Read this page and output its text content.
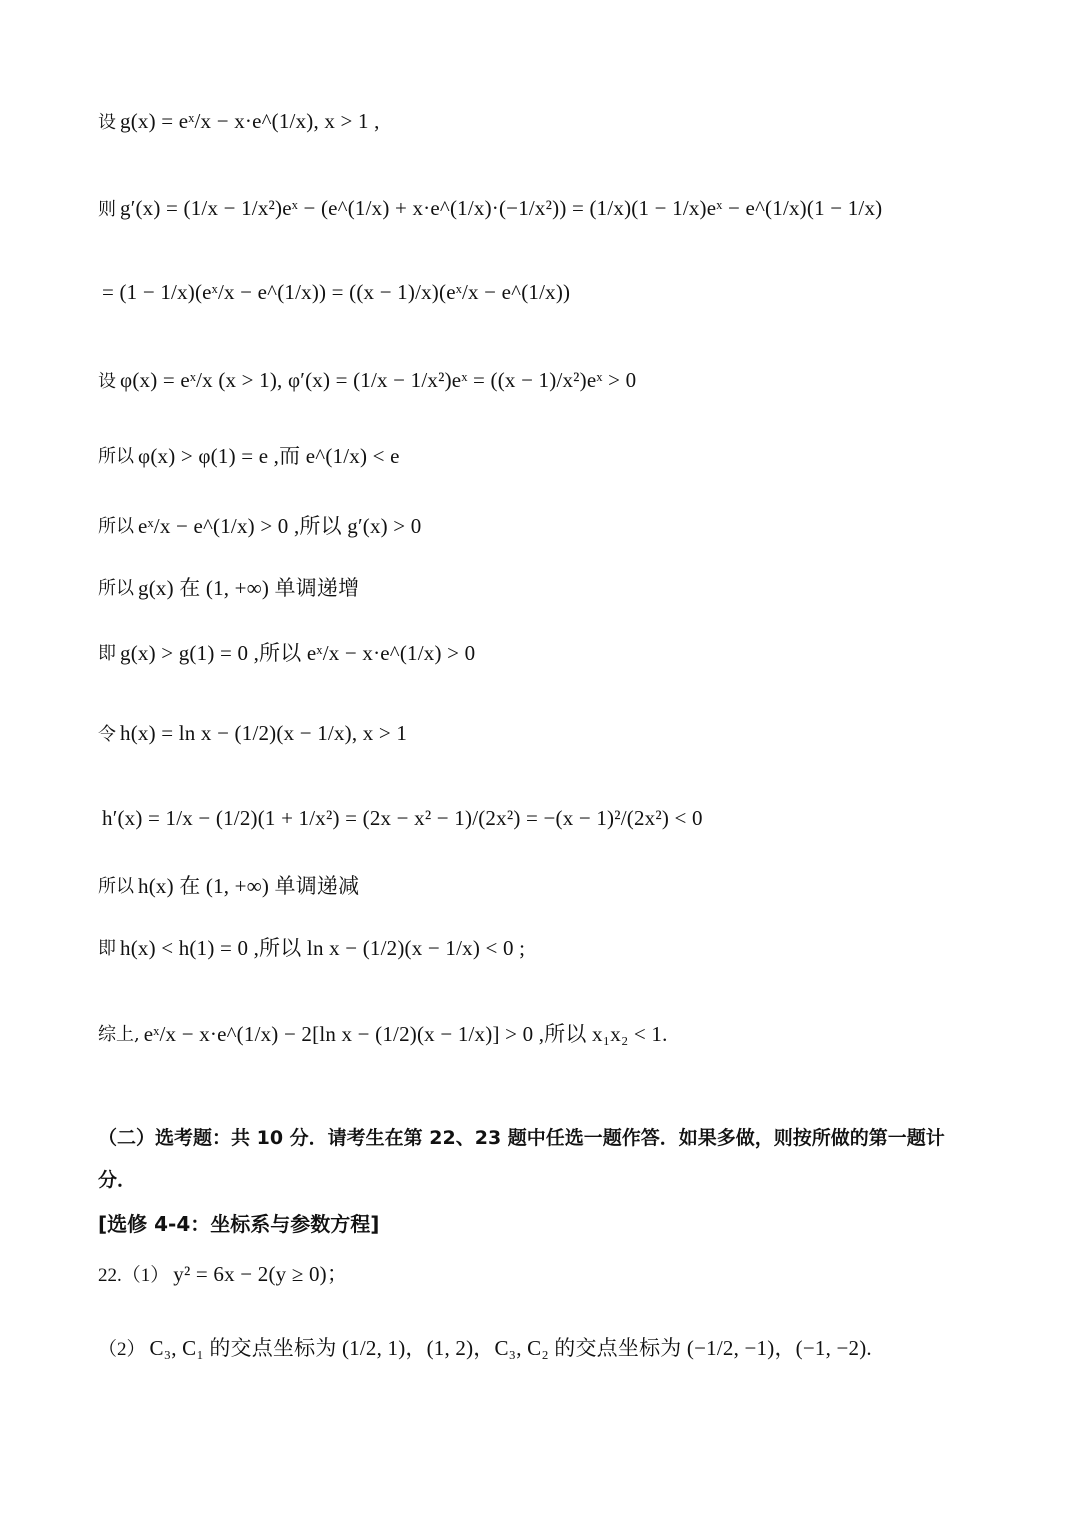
设 g(x) = eˣ/x − x·e^(1/x), x > 1 ,
则 g′(x) = (1/x − 1/x²)eˣ − (e^(1/x) + x·e^(1/x)·(−1/x²)) = (1/x)(1 − 1/x)eˣ − e^(1/x)(1 − 1/x)
= (1 − 1/x)(eˣ/x − e^(1/x)) = ((x − 1)/x)(eˣ/x − e^(1/x))
设 φ(x) = eˣ/x (x > 1), φ′(x) = (1/x − 1/x²)eˣ = ((x − 1)/x²)eˣ > 0
所以 φ(x) > φ(1) = e ,而 e^(1/x) < e
所以 eˣ/x − e^(1/x) > 0 ,所以 g′(x) > 0
所以 g(x) 在 (1, +∞) 单调递增
即 g(x) > g(1) = 0 ,所以 eˣ/x − x·e^(1/x) > 0
令 h(x) = ln x − (1/2)(x − 1/x), x > 1
h′(x) = 1/x − (1/2)(1 + 1/x²) = (2x − x² − 1)/(2x²) = −(x − 1)²/(2x²) < 0
所以 h(x) 在 (1, +∞) 单调递减
即 h(x) < h(1) = 0 ,所以 ln x − (1/2)(x − 1/x) < 0 ;
综上, eˣ/x − x·e^(1/x) − 2[ln x − (1/2)(x − 1/x)] > 0 ,所以 x₁x₂ < 1.
（二）选考题：共 10 分．请考生在第 22、23 题中任选一题作答．如果多做，则按所做的第一题计分．
[选修 4-4：坐标系与参数方程]
22.（1） y² = 6x − 2(y ≥ 0)；
（2） C₃, C₁ 的交点坐标为 (1/2, 1)，(1, 2)，C₃, C₂ 的交点坐标为 (−1/2, −1)，(−1, −2).
